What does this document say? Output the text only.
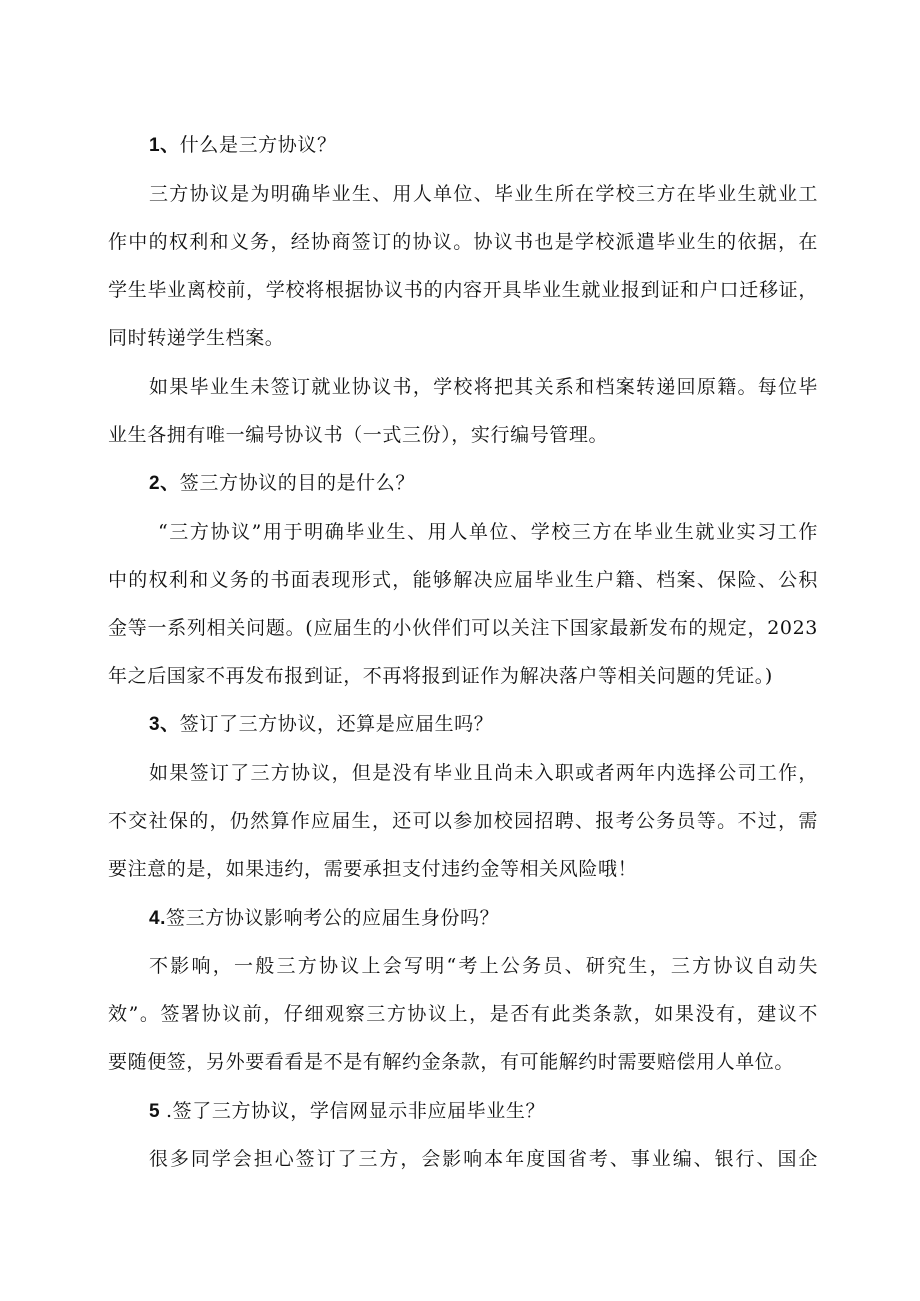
1、什么是三方协议？
三方协议是为明确毕业生、用人单位、毕业生所在学校三方在毕业生就业工
作中的权利和义务，经协商签订的协议。协议书也是学校派遣毕业生的依据，在
学生毕业离校前，学校将根据协议书的内容开具毕业生就业报到证和户口迁移证，
同时转递学生档案。
如果毕业生未签订就业协议书，学校将把其关系和档案转递回原籍。每位毕
业生各拥有唯一编号协议书（一式三份），实行编号管理。
2、签三方协议的目的是什么？
“三方协议”用于明确毕业生、用人单位、学校三方在毕业生就业实习工作
中的权利和义务的书面表现形式，能够解决应届毕业生户籍、档案、保险、公积
金等一系列相关问题。(应届生的小伙伴们可以关注下国家最新发布的规定，2023
年之后国家不再发布报到证，不再将报到证作为解决落户等相关问题的凭证。)
3、签订了三方协议，还算是应届生吗？
如果签订了三方协议，但是没有毕业且尚未入职或者两年内选择公司工作，
不交社保的，仍然算作应届生，还可以参加校园招聘、报考公务员等。不过，需
要注意的是，如果违约，需要承担支付违约金等相关风险哦！
4.签三方协议影响考公的应届生身份吗？
不影响，一般三方协议上会写明“考上公务员、研究生，三方协议自动失
效”。签署协议前，仔细观察三方协议上，是否有此类条款，如果没有，建议不
要随便签，另外要看看是不是有解约金条款，有可能解约时需要赔偿用人单位。
5 .签了三方协议，学信网显示非应届毕业生？
很多同学会担心签订了三方，会影响本年度国省考、事业编、银行、国企
